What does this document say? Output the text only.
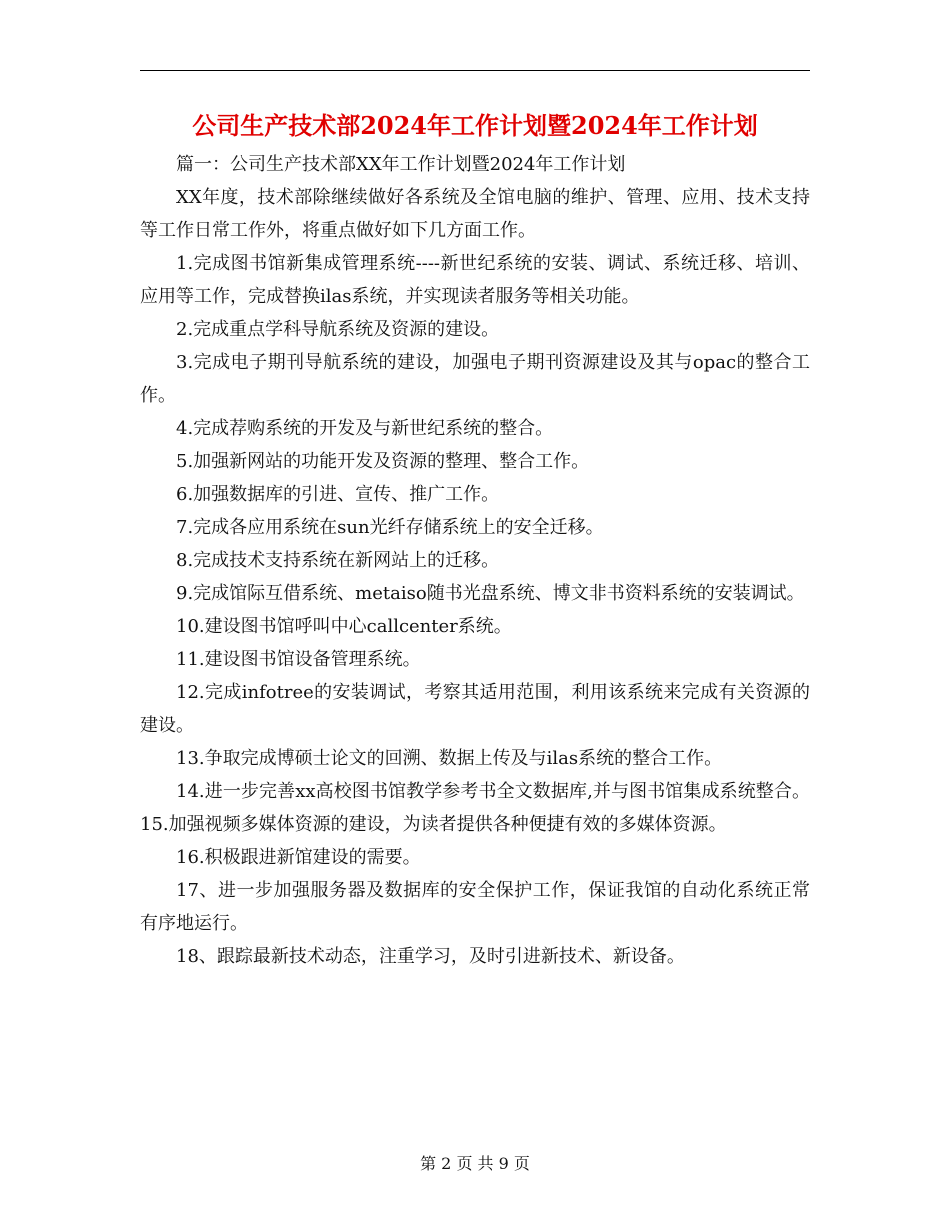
公司生产技术部2024年工作计划暨2024年工作计划

篇一：公司生产技术部XX年工作计划暨2024年工作计划

XX年度，技术部除继续做好各系统及全馆电脑的维护、管理、应用、技术支持等工作日常工作外，将重点做好如下几方面工作。

1.完成图书馆新集成管理系统----新世纪系统的安装、调试、系统迁移、培训、应用等工作，完成替换ilas系统，并实现读者服务等相关功能。

2.完成重点学科导航系统及资源的建设。

3.完成电子期刊导航系统的建设，加强电子期刊资源建设及其与opac的整合工作。

4.完成荐购系统的开发及与新世纪系统的整合。

5.加强新网站的功能开发及资源的整理、整合工作。

6.加强数据库的引进、宣传、推广工作。

7.完成各应用系统在sun光纤存储系统上的安全迁移。

8.完成技术支持系统在新网站上的迁移。

9.完成馆际互借系统、metaiso随书光盘系统、博文非书资料系统的安装调试。

10.建设图书馆呼叫中心callcenter系统。

11.建设图书馆设备管理系统。

12.完成infotree的安装调试，考察其适用范围，利用该系统来完成有关资源的建设。

13.争取完成博硕士论文的回溯、数据上传及与ilas系统的整合工作。

14.进一步完善xx高校图书馆教学参考书全文数据库,并与图书馆集成系统整合。15.加强视频多媒体资源的建设，为读者提供各种便捷有效的多媒体资源。

16.积极跟进新馆建设的需要。

17、进一步加强服务器及数据库的安全保护工作，保证我馆的自动化系统正常有序地运行。

18、跟踪最新技术动态，注重学习，及时引进新技术、新设备。

第 2 页 共 9 页
